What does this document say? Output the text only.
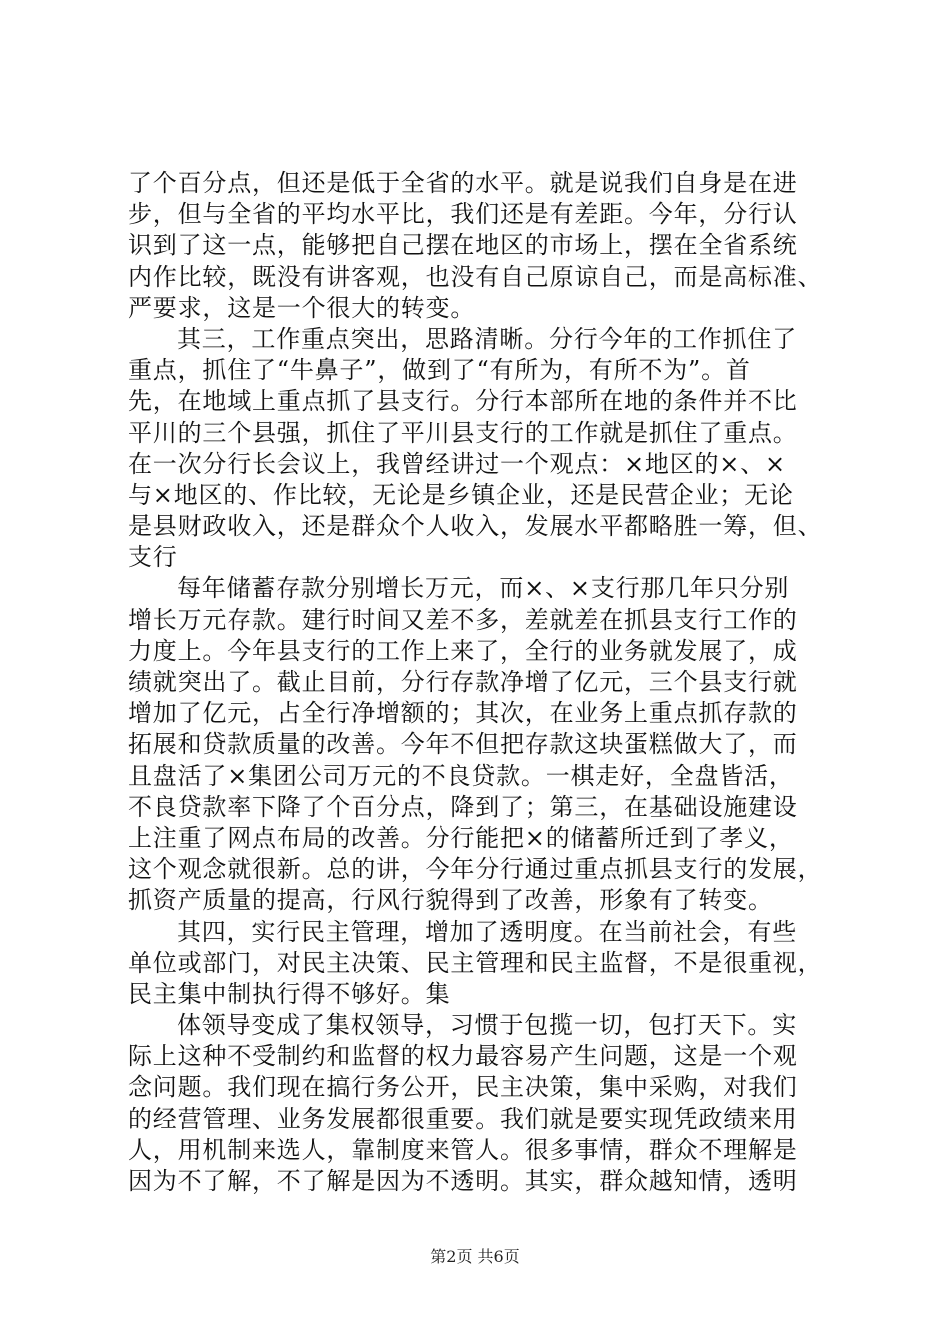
了个百分点，但还是低于全省的水平。就是说我们自身是在进
步，但与全省的平均水平比，我们还是有差距。今年，分行认
识到了这一点，能够把自己摆在地区的市场上，摆在全省系统
内作比较，既没有讲客观，也没有自己原谅自己，而是高标准、
严要求，这是一个很大的转变。
其三，工作重点突出，思路清晰。分行今年的工作抓住了
重点，抓住了“牛鼻子”，做到了“有所为，有所不为”。首
先，在地域上重点抓了县支行。分行本部所在地的条件并不比
平川的三个县强，抓住了平川县支行的工作就是抓住了重点。
在一次分行长会议上，我曾经讲过一个观点：×地区的×、×
与×地区的、作比较，无论是乡镇企业，还是民营企业；无论
是县财政收入，还是群众个人收入，发展水平都略胜一筹，但、
支行
每年储蓄存款分别增长万元，而×、×支行那几年只分别
增长万元存款。建行时间又差不多，差就差在抓县支行工作的
力度上。今年县支行的工作上来了，全行的业务就发展了，成
绩就突出了。截止目前，分行存款净增了亿元，三个县支行就
增加了亿元，占全行净增额的；其次，在业务上重点抓存款的
拓展和贷款质量的改善。今年不但把存款这块蛋糕做大了，而
且盘活了×集团公司万元的不良贷款。一棋走好，全盘皆活，
不良贷款率下降了个百分点，降到了；第三，在基础设施建设
上注重了网点布局的改善。分行能把×的储蓄所迁到了孝义，
这个观念就很新。总的讲，今年分行通过重点抓县支行的发展，
抓资产质量的提高，行风行貌得到了改善，形象有了转变。
其四，实行民主管理，增加了透明度。在当前社会，有些
单位或部门，对民主决策、民主管理和民主监督，不是很重视，
民主集中制执行得不够好。集
体领导变成了集权领导，习惯于包揽一切，包打天下。实
际上这种不受制约和监督的权力最容易产生问题，这是一个观
念问题。我们现在搞行务公开，民主决策，集中采购，对我们
的经营管理、业务发展都很重要。我们就是要实现凭政绩来用
人，用机制来选人，靠制度来管人。很多事情，群众不理解是
因为不了解，不了解是因为不透明。其实，群众越知情，透明
第2页 共6页
